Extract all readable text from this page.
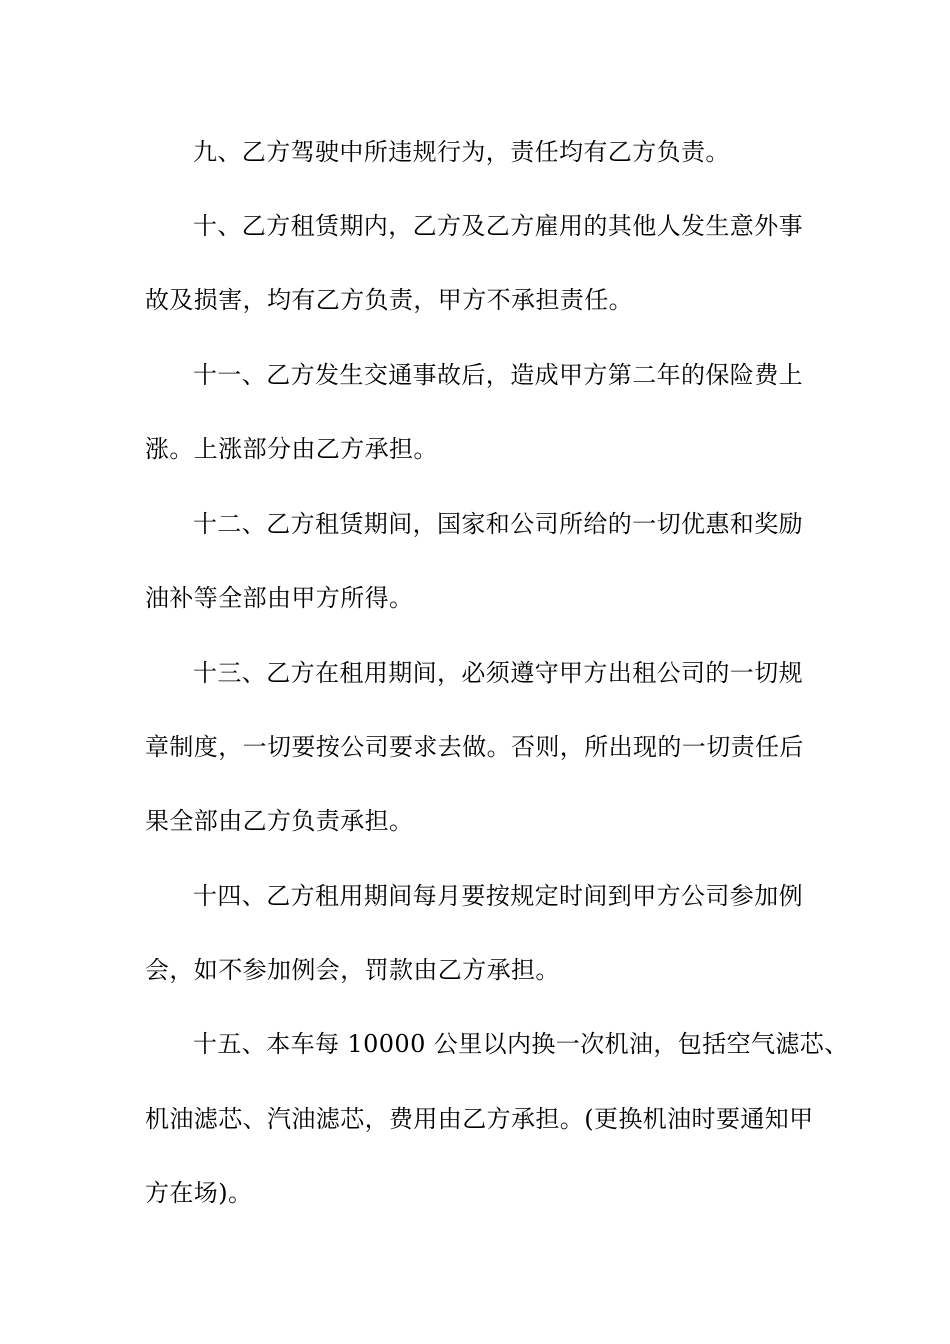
九、乙方驾驶中所违规行为，责任均有乙方负责。
十、乙方租赁期内，乙方及乙方雇用的其他人发生意外事
故及损害，均有乙方负责，甲方不承担责任。
十一、乙方发生交通事故后，造成甲方第二年的保险费上
涨。上涨部分由乙方承担。
十二、乙方租赁期间，国家和公司所给的一切优惠和奖励
油补等全部由甲方所得。
十三、乙方在租用期间，必须遵守甲方出租公司的一切规
章制度，一切要按公司要求去做。否则，所出现的一切责任后
果全部由乙方负责承担。
十四、乙方租用期间每月要按规定时间到甲方公司参加例
会，如不参加例会，罚款由乙方承担。
十五、本车每 10000 公里以内换一次机油，包括空气滤芯、
机油滤芯、汽油滤芯，费用由乙方承担。(更换机油时要通知甲
方在场)。
